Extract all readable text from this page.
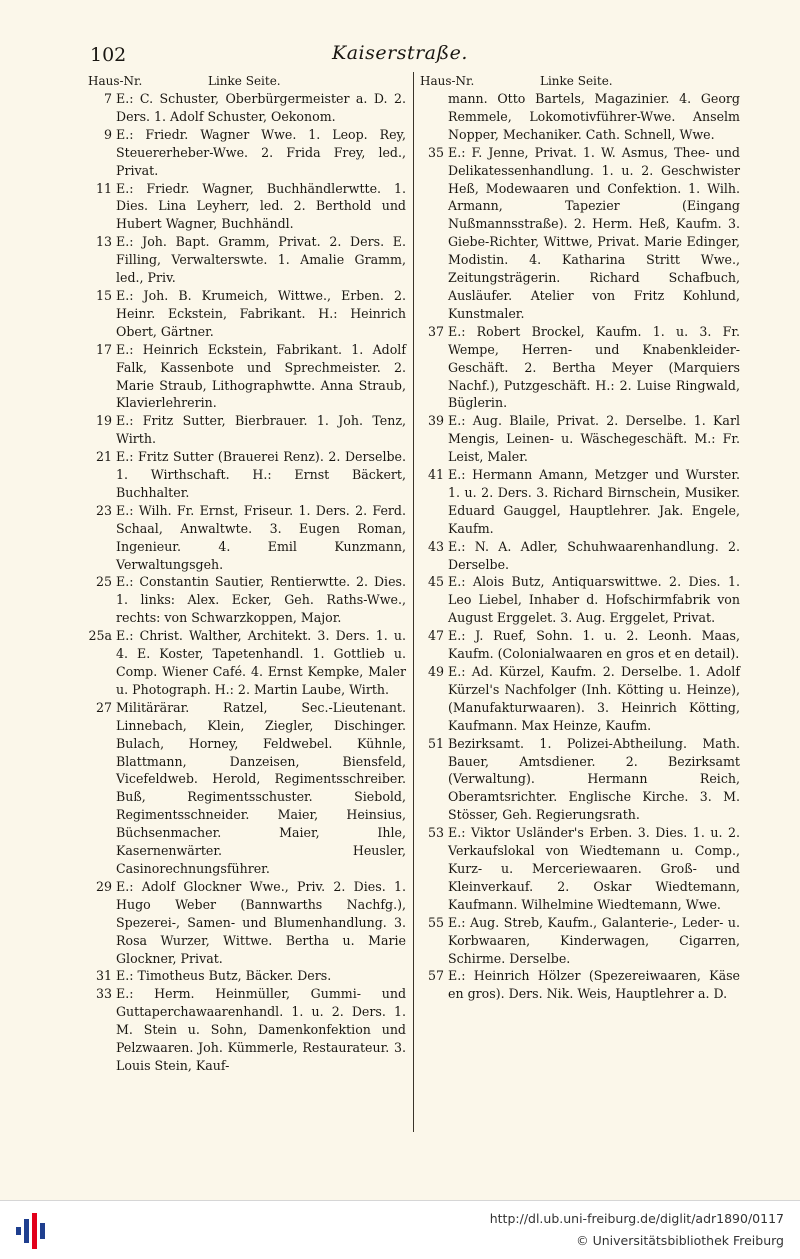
102	Kaiserstraße.
Haus-Nr.	Linke Seite.
7 E.: C. Schuster, Oberbürgermeister a. D. 2. Ders. 1. Adolf Schuster, Oekonom.
9 E.: Friedr. Wagner Wwe. 1. Leop. Rey, Steuererheber-Wwe. 2. Frida Frey, led., Privat.
11 E.: Friedr. Wagner, Buchhändlerwtte. 1. Dies. Lina Leyherr, led. 2. Berthold und Hubert Wagner, Buchhändl.
13 E.: Joh. Bapt. Gramm, Privat. 2. Ders. E. Filling, Verwalterswte. 1. Amalie Gramm, led., Priv.
15 E.: Joh. B. Krumeich, Wittwe., Erben. 2. Heinr. Eckstein, Fabrikant. H.: Heinrich Obert, Gärtner.
17 E.: Heinrich Eckstein, Fabrikant. 1. Adolf Falk, Kassenbote und Sprechmeister. 2. Marie Straub, Lithographwtte. Anna Straub, Klavierlehrerin.
19 E.: Fritz Sutter, Bierbrauer. 1. Joh. Tenz, Wirth.
21 E.: Fritz Sutter (Brauerei Renz). 2. Derselbe. 1. Wirthschaft. H.: Ernst Bäckert, Buchhalter.
23 E.: Wilh. Fr. Ernst, Friseur. 1. Ders. 2. Ferd. Schaal, Anwaltwte. 3. Eugen Roman, Ingenieur. 4. Emil Kunzmann, Verwaltungsgeh.
25 E.: Constantin Sautier, Rentierwtte. 2. Dies. 1. links: Alex. Ecker, Geh. Raths-Wwe., rechts: von Schwarzkoppen, Major.
25a E.: Christ. Walther, Architekt. 3. Ders. 1. u. 4. E. Koster, Tapetenhandl. 1. Gottlieb u. Comp. Wiener Café. 4. Ernst Kempke, Maler u. Photograph. H.: 2. Martin Laube, Wirth.
27 Militärärar. Ratzel, Sec.-Lieutenant. Linnebach, Klein, Ziegler, Dischinger. Bulach, Horney, Feldwebel. Kühnle, Blattmann, Danzeisen, Biensfeld, Vicefeldweb. Herold, Regimentsschreiber. Buß, Regimentsschuster. Siebold, Regimentsschneider. Maier, Heinsius, Büchsenmacher. Maier, Ihle, Kasernenwärter. Heusler, Casinorechnungsführer.
29 E.: Adolf Glockner Wwe., Priv. 2. Dies. 1. Hugo Weber (Bannwarths Nachfg.), Spezerei-, Samen- und Blumenhandlung. 3. Rosa Wurzer, Wittwe. Bertha u. Marie Glockner, Privat.
31 E.: Timotheus Butz, Bäcker. Ders.
33 E.: Herm. Heinmüller, Gummi- und Guttaperchawaarenhandl. 1. u. 2. Ders. 1. M. Stein u. Sohn, Damenkonfektion und Pelzwaaren. Joh. Kümmerle, Restaurateur. 3. Louis Stein, Kauf-
Haus-Nr.	Linke Seite.
mann. Otto Bartels, Magazinier. 4. Georg Remmele, Lokomotivführer-Wwe. Anselm Nopper, Mechaniker. Cath. Schnell, Wwe.
35 E.: F. Jenne, Privat. 1. W. Asmus, Thee- und Delikatessenhandlung. 1. u. 2. Geschwister Heß, Modewaaren und Confektion. 1. Wilh. Armann, Tapezier (Eingang Nußmannsstraße). 2. Herm. Heß, Kaufm. 3. Giebe-Richter, Wittwe, Privat. Marie Edinger, Modistin. 4. Katharina Stritt Wwe., Zeitungsträgerin. Richard Schafbuch, Ausläufer. Atelier von Fritz Kohlund, Kunstmaler.
37 E.: Robert Brockel, Kaufm. 1. u. 3. Fr. Wempe, Herren- und Knabenkleider-Geschäft. 2. Bertha Meyer (Marquiers Nachf.), Putzgeschäft. H.: 2. Luise Ringwald, Büglerin.
39 E.: Aug. Blaile, Privat. 2. Derselbe. 1. Karl Mengis, Leinen- u. Wäschegeschäft. M.: Fr. Leist, Maler.
41 E.: Hermann Amann, Metzger und Wurster. 1. u. 2. Ders. 3. Richard Birnschein, Musiker. Eduard Gauggel, Hauptlehrer. Jak. Engele, Kaufm.
43 E.: N. A. Adler, Schuhwaarenhandlung. 2. Derselbe.
45 E.: Alois Butz, Antiquarswittwe. 2. Dies. 1. Leo Liebel, Inhaber d. Hofschirmfabrik von August Erggelet. 3. Aug. Erggelet, Privat.
47 E.: J. Ruef, Sohn. 1. u. 2. Leonh. Maas, Kaufm. (Colonialwaaren en gros et en detail).
49 E.: Ad. Kürzel, Kaufm. 2. Derselbe. 1. Adolf Kürzel's Nachfolger (Inh. Kötting u. Heinze), (Manufakturwaaren). 3. Heinrich Kötting, Kaufmann. Max Heinze, Kaufm.
51 Bezirksamt. 1. Polizei-Abtheilung. Math. Bauer, Amtsdiener. 2. Bezirksamt (Verwaltung). Hermann Reich, Oberamtsrichter. Englische Kirche. 3. M. Stösser, Geh. Regierungsrath.
53 E.: Viktor Usländer's Erben. 3. Dies. 1. u. 2. Verkaufslokal von Wiedtemann u. Comp., Kurz- u. Merceriewaaren. Groß- und Kleinverkauf. 2. Oskar Wiedtemann, Kaufmann. Wilhelmine Wiedtemann, Wwe.
55 E.: Aug. Streb, Kaufm., Galanterie-, Leder- u. Korbwaaren, Kinderwagen, Cigarren, Schirme. Derselbe.
57 E.: Heinrich Hölzer (Spezereiwaaren, Käse en gros). Ders. Nik. Weis, Hauptlehrer a. D.
http://dl.ub.uni-freiburg.de/diglit/adr1890/0117
© Universitätsbibliothek Freiburg
